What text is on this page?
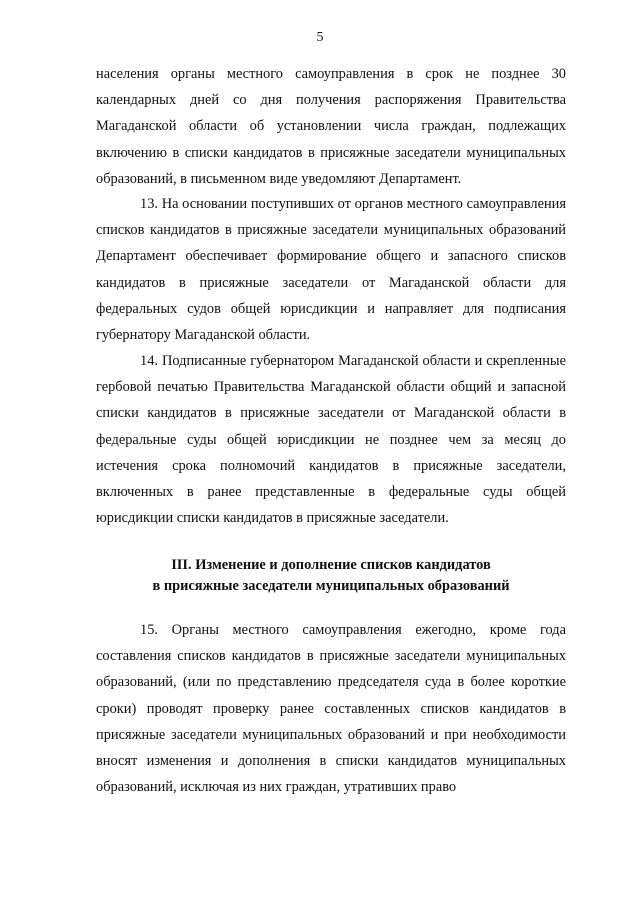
5

населения органы местного самоуправления в срок не позднее 30 календарных дней со дня получения распоряжения Правительства Магаданской области об установлении числа граждан, подлежащих включению в списки кандидатов в присяжные заседатели муниципальных образований, в письменном виде уведомляют Департамент.

13. На основании поступивших от органов местного самоуправления списков кандидатов в присяжные заседатели муниципальных образований Департамент обеспечивает формирование общего и запасного списков кандидатов в присяжные заседатели от Магаданской области для федеральных судов общей юрисдикции и направляет для подписания губернатору Магаданской области.

14. Подписанные губернатором Магаданской области и скрепленные гербовой печатью Правительства Магаданской области общий и запасной списки кандидатов в присяжные заседатели от Магаданской области в федеральные суды общей юрисдикции не позднее чем за месяц до истечения срока полномочий кандидатов в присяжные заседатели, включенных в ранее представленные в федеральные суды общей юрисдикции списки кандидатов в присяжные заседатели.

III. Изменение и дополнение списков кандидатов
в присяжные заседатели муниципальных образований

15. Органы местного самоуправления ежегодно, кроме года составления списков кандидатов в присяжные заседатели муниципальных образований, (или по представлению председателя суда в более короткие сроки) проводят проверку ранее составленных списков кандидатов в присяжные заседатели муниципальных образований и при необходимости вносят изменения и дополнения в списки кандидатов муниципальных образований, исключая из них граждан, утративших право
